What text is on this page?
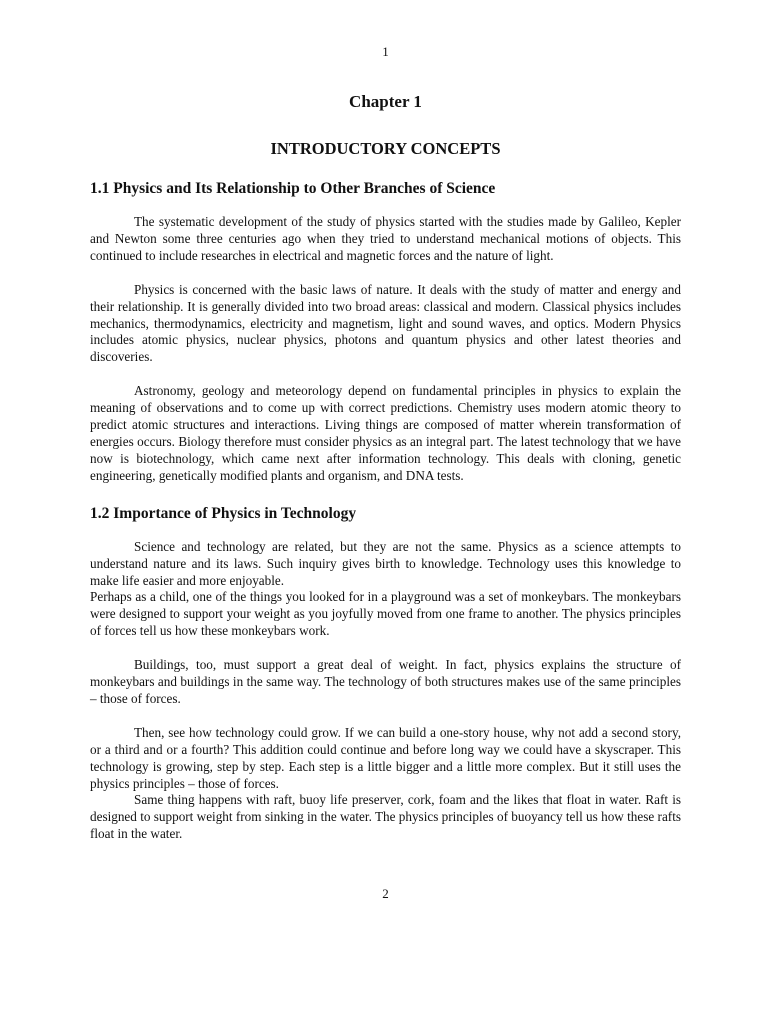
1
Chapter 1
INTRODUCTORY CONCEPTS
1.1 Physics and Its Relationship to Other Branches of Science

The systematic development of the study of physics started with the studies made by Galileo, Kepler and Newton some three centuries ago when they tried to understand mechanical motions of objects. This continued to include researches in electrical and magnetic forces and the nature of light.

Physics is concerned with the basic laws of nature. It deals with the study of matter and energy and their relationship. It is generally divided into two broad areas: classical and modern. Classical physics includes mechanics, thermodynamics, electricity and magnetism, light and sound waves, and optics. Modern Physics includes atomic physics, nuclear physics, photons and quantum physics and other latest theories and discoveries.

Astronomy, geology and meteorology depend on fundamental principles in physics to explain the meaning of observations and to come up with correct predictions. Chemistry uses modern atomic theory to predict atomic structures and interactions. Living things are composed of matter wherein transformation of energies occurs. Biology therefore must consider physics as an integral part. The latest technology that we have now is biotechnology, which came next after information technology. This deals with cloning, genetic engineering, genetically modified plants and organism, and DNA tests.

1.2 Importance of Physics in Technology

Science and technology are related, but they are not the same. Physics as a science attempts to understand nature and its laws. Such inquiry gives birth to knowledge. Technology uses this knowledge to make life easier and more enjoyable.

Perhaps as a child, one of the things you looked for in a playground was a set of monkeybars. The monkeybars were designed to support your weight as you joyfully moved from one frame to another. The physics principles of forces tell us how these monkeybars work.

Buildings, too, must support a great deal of weight. In fact, physics explains the structure of monkeybars and buildings in the same way. The technology of both structures makes use of the same principles – those of forces.

Then, see how technology could grow. If we can build a one-story house, why not add a second story, or a third and or a fourth? This addition could continue and before long way we could have a skyscraper. This technology is growing, step by step. Each step is a little bigger and a little more complex. But it still uses the physics principles – those of forces.

Same thing happens with raft, buoy life preserver, cork, foam and the likes that float in water. Raft is designed to support weight from sinking in the water. The physics principles of buoyancy tell us how these rafts float in the water.

2
